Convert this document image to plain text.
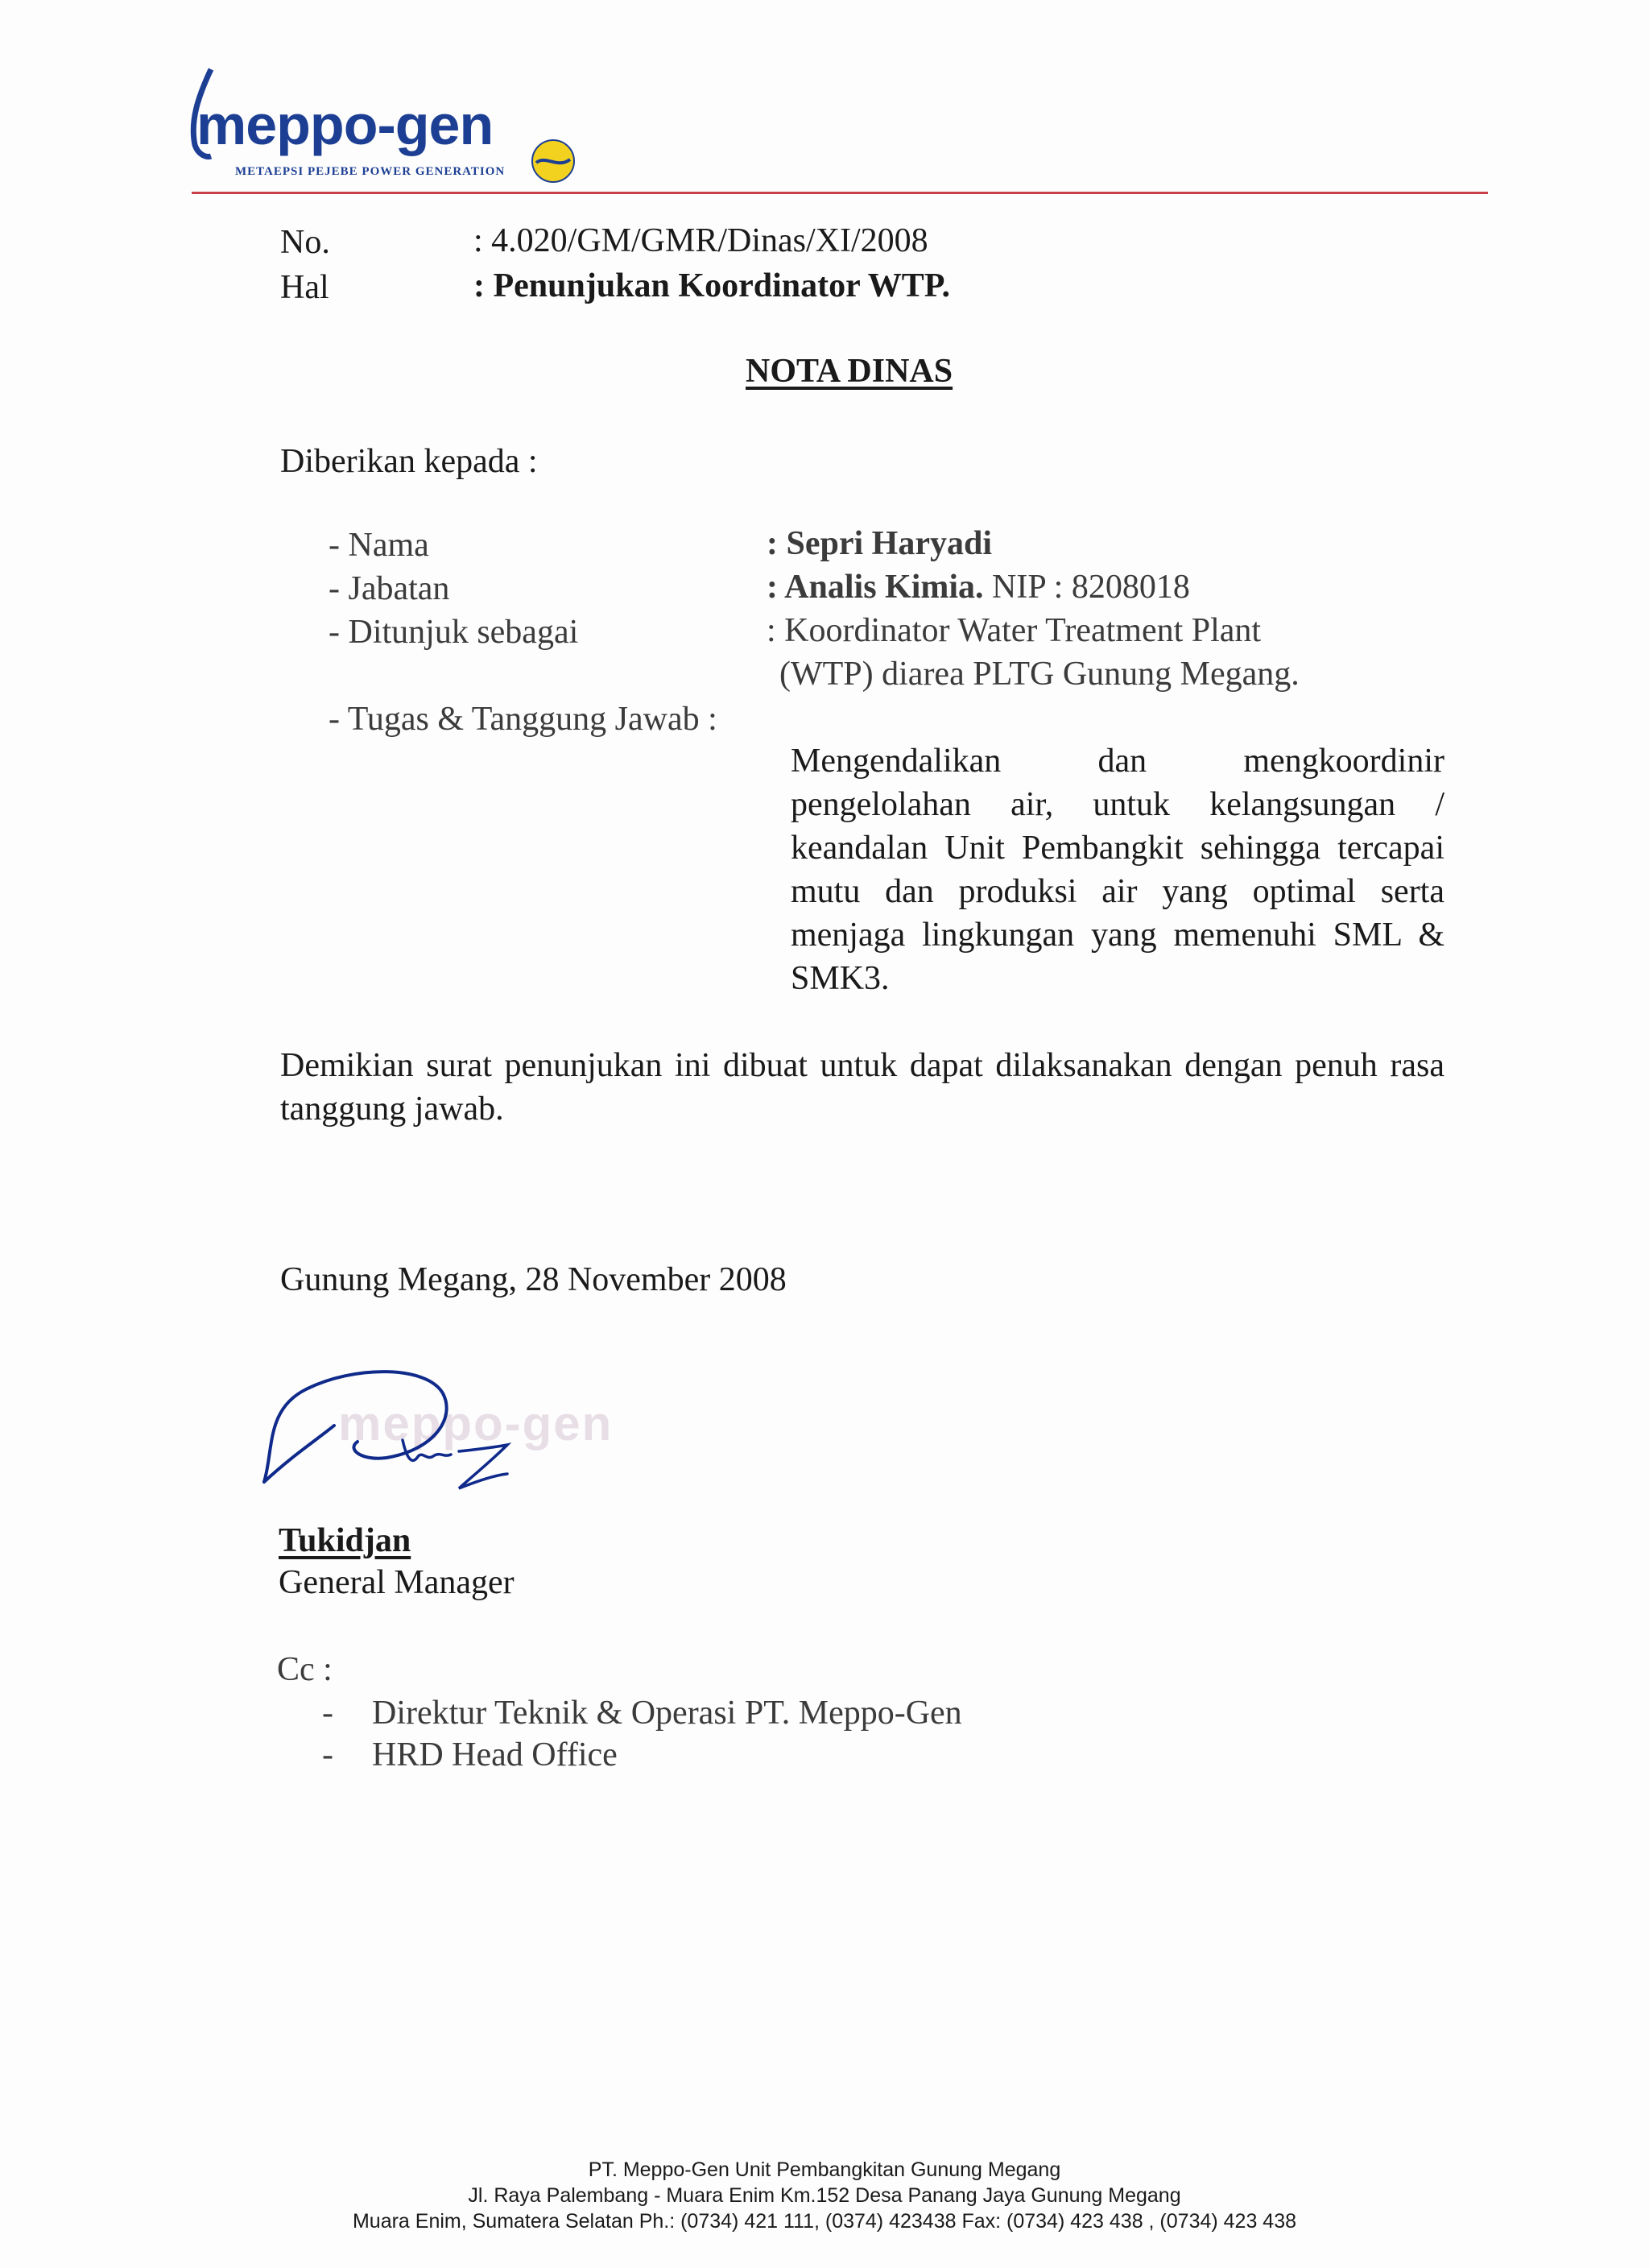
meppo-gen
METAEPSI PEJEBE POWER GENERATION
No.	: 4.020/GM/GMR/Dinas/XI/2008
Hal	: Penunjukan Koordinator WTP.
NOTA DINAS
Diberikan kepada :
- Nama	: Sepri Haryadi
- Jabatan	: Analis Kimia. NIP : 8208018
- Ditunjuk sebagai	: Koordinator Water Treatment Plant
(WTP) diarea PLTG Gunung Megang.
- Tugas & Tanggung Jawab :
Mengendalikan dan mengkoordinir pengelolahan air, untuk kelangsungan / keandalan Unit Pembangkit sehingga tercapai mutu dan produksi air yang optimal serta menjaga lingkungan yang memenuhi SML & SMK3.
Demikian surat penunjukan ini dibuat untuk dapat dilaksanakan dengan penuh rasa tanggung jawab.
Gunung Megang, 28 November 2008
meppo-gen
Tukidjan
General Manager
Cc :
- Direktur Teknik & Operasi PT. Meppo-Gen
- HRD Head Office
PT. Meppo-Gen Unit Pembangkitan Gunung Megang
Jl. Raya Palembang - Muara Enim Km.152 Desa Panang Jaya Gunung Megang
Muara Enim, Sumatera Selatan Ph.: (0734) 421 111, (0374) 423438 Fax: (0734) 423 438 , (0734) 423 438
